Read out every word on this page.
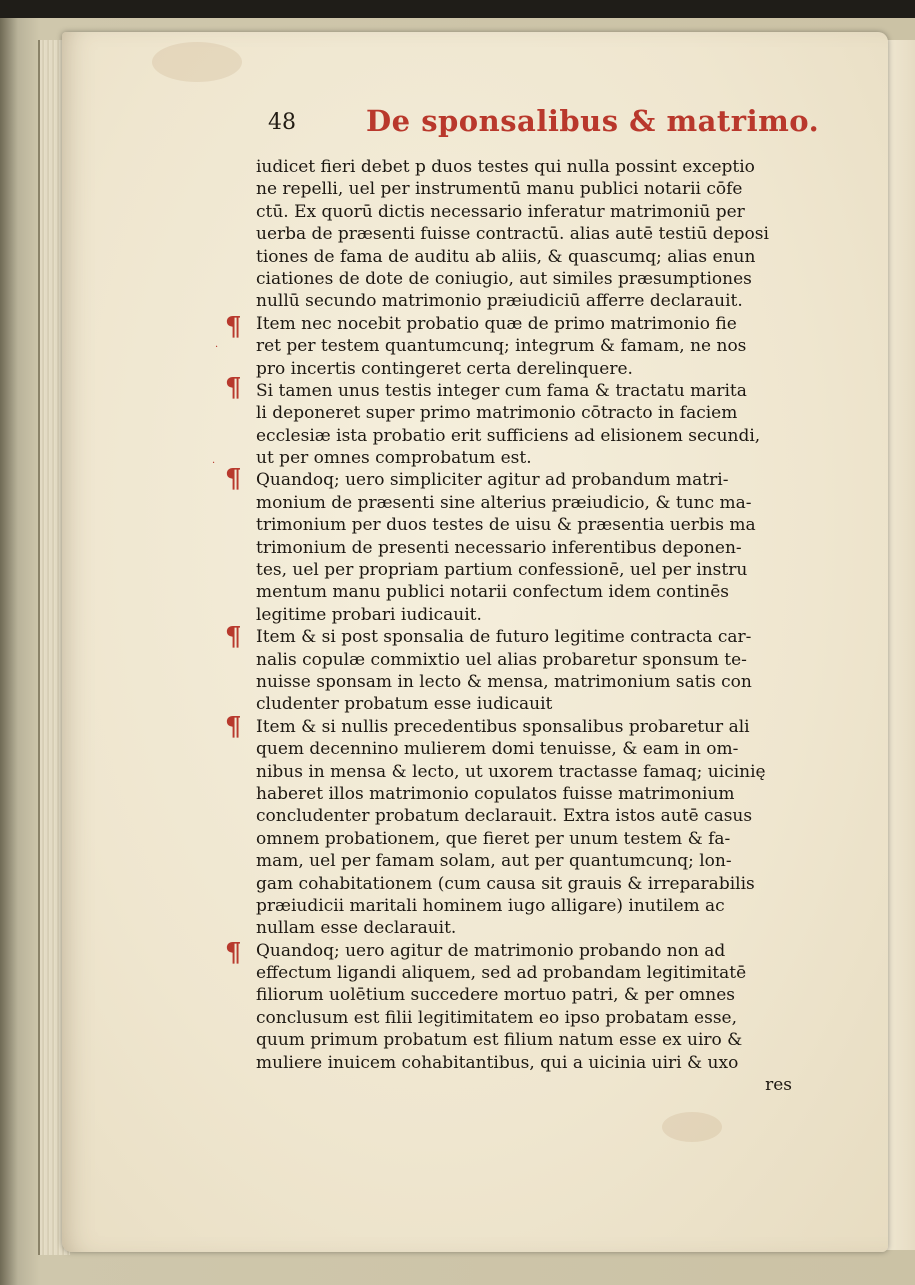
48 De sponsalibus & matrimo.
·
·
¶
¶
¶
¶
¶
¶
iudicet fieri debet p duos testes qui nulla possint exceptio
ne repelli, uel per instrumentū manu publici notarii cōfe
ctū. Ex quorū dictis necessario inferatur matrimoniū per
uerba de præsenti fuisse contractū. alias autē testiū deposi
tiones de fama de auditu ab aliis, & quascumq; alias enun
ciationes de dote de coniugio, aut similes præsumptiones
nullū secundo matrimonio præiudiciū afferre declarauit.
Item nec nocebit probatio quæ de primo matrimonio fie
ret per testem quantumcunq; integrum & famam, ne nos
pro incertis contingeret certa derelinquere.
Si tamen unus testis integer cum fama & tractatu marita
li deponeret super primo matrimonio cōtracto in faciem
ecclesiæ ista probatio erit sufficiens ad elisionem secundi,
ut per omnes comprobatum est.
Quandoq; uero simpliciter agitur ad probandum matri-
monium de præsenti sine alterius præiudicio, & tunc ma-
trimonium per duos testes de uisu & præsentia uerbis ma
trimonium de presenti necessario inferentibus deponen-
tes, uel per propriam partium confessionē, uel per instru
mentum manu publici notarii confectum idem continēs
legitime probari iudicauit.
Item & si post sponsalia de futuro legitime contracta car-
nalis copulæ commixtio uel alias probaretur sponsum te-
nuisse sponsam in lecto & mensa, matrimonium satis con
cludenter probatum esse iudicauit
Item & si nullis precedentibus sponsalibus probaretur ali
quem decennino mulierem domi tenuisse, & eam in om-
nibus in mensa & lecto, ut uxorem tractasse famaq; uicinię
haberet illos matrimonio copulatos fuisse matrimonium
concludenter probatum declarauit. Extra istos autē casus
omnem probationem, que fieret per unum testem & fa-
mam, uel per famam solam, aut per quantumcunq; lon-
gam cohabitationem (cum causa sit grauis & irreparabilis
præiudicii maritali hominem iugo alligare) inutilem ac
nullam esse declarauit.
Quandoq; uero agitur de matrimonio probando non ad
effectum ligandi aliquem, sed ad probandam legitimitatē
filiorum uolētium succedere mortuo patri, & per omnes
conclusum est filii legitimitatem eo ipso probatam esse,
quum primum probatum est filium natum esse ex uiro &
muliere inuicem cohabitantibus, qui a uicinia uiri & uxo
res
